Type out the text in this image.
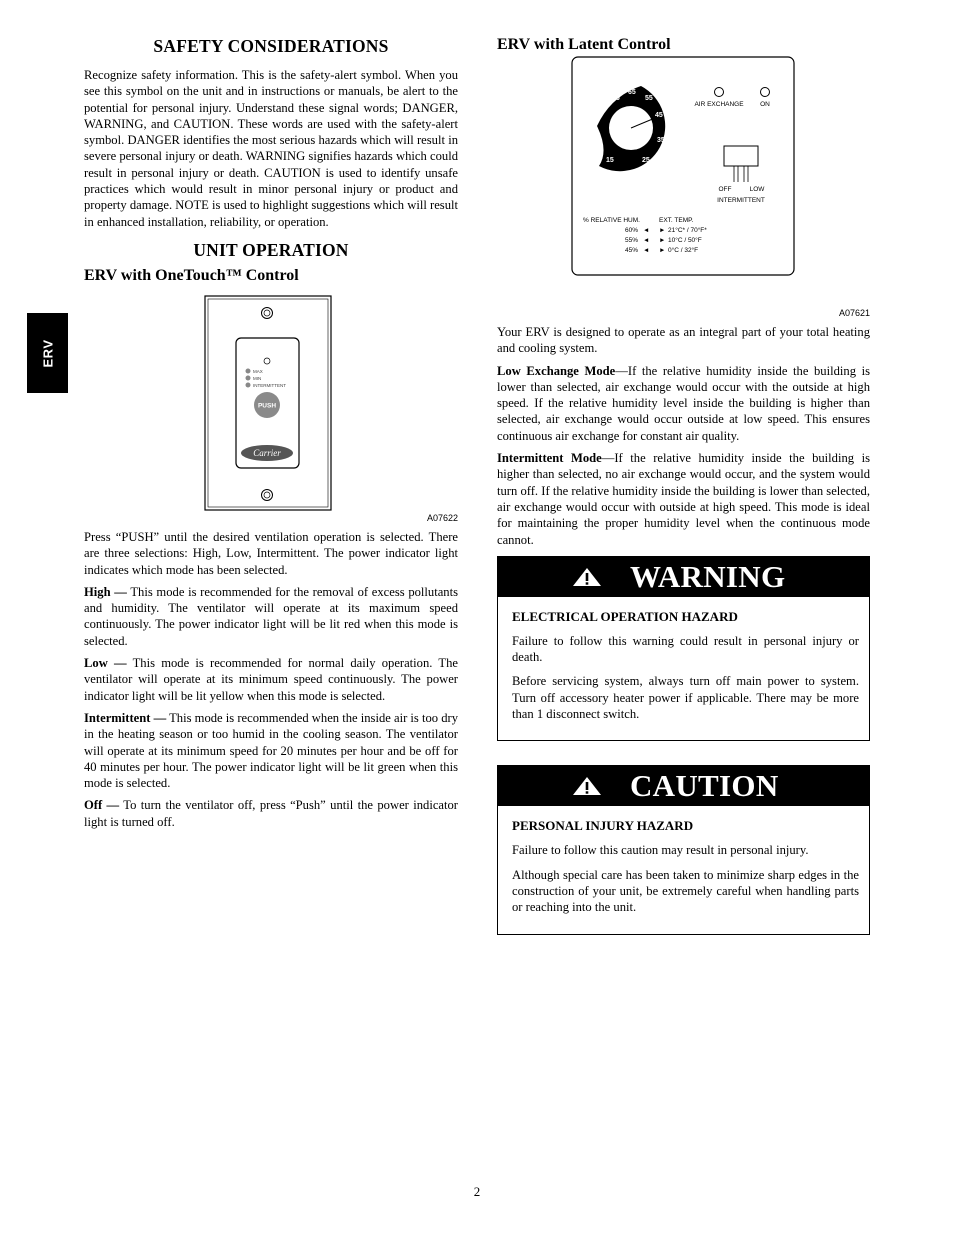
ERV
SAFETY CONSIDERATIONS

Recognize safety information. This is the safety‑alert symbol. When you see this symbol on the unit and in instructions or manuals, be alert to the potential for personal injury. Understand these signal words; DANGER, WARNING, and CAUTION. These words are used with the safety‑alert symbol. DANGER identifies the most serious hazards which will result in severe personal injury or death. WARNING signifies hazards which could result in personal injury or death. CAUTION is used to identify unsafe practices which would result in minor personal injury or product and property damage. NOTE is used to highlight suggestions which will result in enhanced installation, reliability, or operation.

UNIT OPERATION
ERV with OneTouch™ Control
MAX
MIN
INTERMITTENT
PUSH
Carrier
A07622

Press “PUSH” until the desired ventilation operation is selected. There are three selections: High, Low, Intermittent. The power indicator light indicates which mode has been selected.

High — This mode is recommended for the removal of excess pollutants and humidity. The ventilator will operate at its maximum speed continuously. The power indicator light will be lit red when this mode is selected.

Low — This mode is recommended for normal daily operation. The ventilator will operate at its minimum speed continuously. The power indicator light will be lit yellow when this mode is selected.

Intermittent — This mode is recommended when the inside air is too dry in the heating season or too humid in the cooling season. The ventilator will operate at its minimum speed for 20 minutes per hour and be off for 40 minutes per hour. The power indicator light will be lit green when this mode is selected.

Off — To turn the ventilator off, press “Push” until the power indicator light is turned off.

ERV with Latent Control
75
65
55
45
35
25
15
AIR EXCHANGE	ON
OFF	LOW
INTERMITTENT
% RELATIVE HUM.	EXT. TEMP.
60% ◄ ► 21°C* / 70°F*
55% ◄ ► 10°C / 50°F
45% ◄ ► 0°C / 32°F
A07621

Your ERV is designed to operate as an integral part of your total heating and cooling system.

Low Exchange Mode—If the relative humidity inside the building is lower than selected, air exchange would occur with the outside at high speed. If the relative humidity level inside the building is higher than selected, air exchange would occur outside at low speed. This ensures continuous air exchange for constant air quality.

Intermittent Mode—If the relative humidity inside the building is higher than selected, no air exchange would occur, and the system would turn off. If the relative humidity inside the building is lower than selected, air exchange would occur with outside at high speed. This mode is ideal for maintaining the proper humidity level when the continuous mode cannot.

WARNING
ELECTRICAL OPERATION HAZARD

Failure to follow this warning could result in personal injury or death.

Before servicing system, always turn off main power to system. Turn off accessory heater power if applicable. There may be more than 1 disconnect switch.

CAUTION
PERSONAL INJURY HAZARD

Failure to follow this caution may result in personal injury.

Although special care has been taken to minimize sharp edges in the construction of your unit, be extremely careful when handling parts or reaching into the unit.

2
